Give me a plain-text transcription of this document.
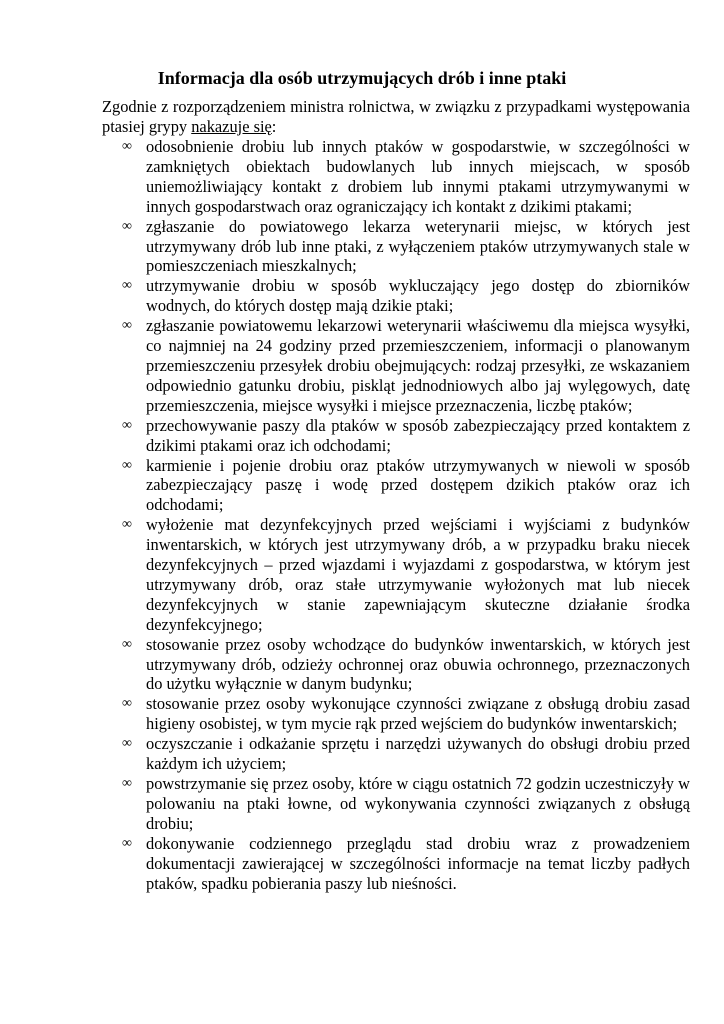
Informacja dla osób utrzymujących drób i inne ptaki
Zgodnie z rozporządzeniem ministra rolnictwa, w związku z przypadkami występowania ptasiej grypy nakazuje się:
∞ odosobnienie drobiu lub innych ptaków w gospodarstwie, w szczególności w zamkniętych obiektach budowlanych lub innych miejscach, w sposób uniemożliwiający kontakt z drobiem lub innymi ptakami utrzymywanymi w innych gospodarstwach oraz ograniczający ich kontakt z dzikimi ptakami;
∞ zgłaszanie do powiatowego lekarza weterynarii miejsc, w których jest utrzymywany drób lub inne ptaki, z wyłączeniem ptaków utrzymywanych stale w pomieszczeniach mieszkalnych;
∞ utrzymywanie drobiu w sposób wykluczający jego dostęp do zbiorników wodnych, do których dostęp mają dzikie ptaki;
∞ zgłaszanie powiatowemu lekarzowi weterynarii właściwemu dla miejsca wysyłki, co najmniej na 24 godziny przed przemieszczeniem, informacji o planowanym przemieszczeniu przesyłek drobiu obejmujących: rodzaj przesyłki, ze wskazaniem odpowiednio gatunku drobiu, piskląt jednodniowych albo jaj wylęgowych, datę przemieszczenia, miejsce wysyłki i miejsce przeznaczenia, liczbę ptaków;
∞ przechowywanie paszy dla ptaków w sposób zabezpieczający przed kontaktem z dzikimi ptakami oraz ich odchodami;
∞ karmienie i pojenie drobiu oraz ptaków utrzymywanych w niewoli w sposób zabezpieczający paszę i wodę przed dostępem dzikich ptaków oraz ich odchodami;
∞ wyłożenie mat dezynfekcyjnych przed wejściami i wyjściami z budynków inwentarskich, w których jest utrzymywany drób, a w przypadku braku niecek dezynfekcyjnych – przed wjazdami i wyjazdami z gospodarstwa, w którym jest utrzymywany drób, oraz stałe utrzymywanie wyłożonych mat lub niecek dezynfekcyjnych w stanie zapewniającym skuteczne działanie środka dezynfekcyjnego;
∞ stosowanie przez osoby wchodzące do budynków inwentarskich, w których jest utrzymywany drób, odzieży ochronnej oraz obuwia ochronnego, przeznaczonych do użytku wyłącznie w danym budynku;
∞ stosowanie przez osoby wykonujące czynności związane z obsługą drobiu zasad higieny osobistej, w tym mycie rąk przed wejściem do budynków inwentarskich;
∞ oczyszczanie i odkażanie sprzętu i narzędzi używanych do obsługi drobiu przed każdym ich użyciem;
∞ powstrzymanie się przez osoby, które w ciągu ostatnich 72 godzin uczestniczyły w polowaniu na ptaki łowne, od wykonywania czynności związanych z obsługą drobiu;
∞ dokonywanie codziennego przeglądu stad drobiu wraz z prowadzeniem dokumentacji zawierającej w szczególności informacje na temat liczby padłych ptaków, spadku pobierania paszy lub nieśności.
